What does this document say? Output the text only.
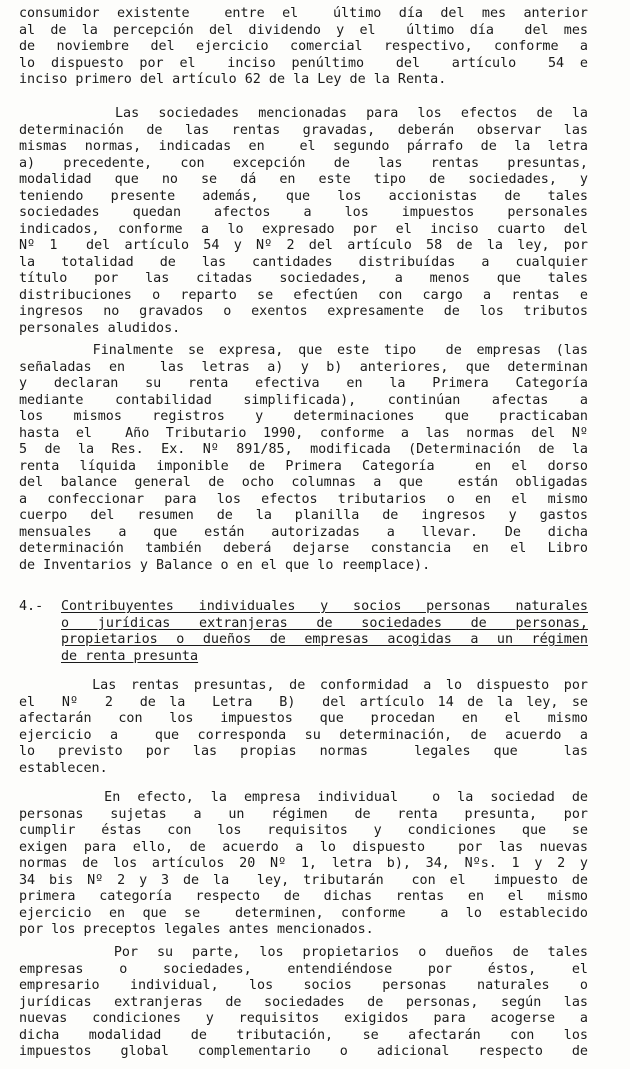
consumidor existente  entre el  último día del mes anterior
al de la percepción del dividendo y el  último día  del mes
de noviembre del ejercicio comercial respectivo, conforme a
lo dispuesto por el  inciso penúltimo  del  artículo  54 e
inciso primero del artículo 62 de la Ley de la Renta.
Las sociedades mencionadas para los efectos de la
determinación de las rentas gravadas, deberán observar las
mismas normas, indicadas en  el segundo párrafo de la letra
a) precedente, con excepción de las rentas presuntas,
modalidad que no se dá en este tipo de sociedades, y
teniendo presente además, que los accionistas de tales
sociedades quedan afectos a los impuestos personales
indicados, conforme a lo expresado por el inciso cuarto del
Nº 1  del artículo 54 y Nº 2 del artículo 58 de la ley, por
la totalidad de las cantidades distribuídas a cualquier
título por las citadas sociedades, a menos que tales
distribuciones o reparto se efectúen con cargo a rentas e
ingresos no gravados o exentos expresamente de los tributos
personales aludidos.
Finalmente se expresa, que este tipo  de empresas (las
señaladas en  las letras a) y b) anteriores, que determinan
y declaran su renta efectiva en la Primera Categoría
mediante contabilidad simplificada), continúan afectas a
los mismos registros y determinaciones que practicaban
hasta el  Año Tributario 1990, conforme a las normas del Nº
5 de la Res. Ex. Nº 891/85, modificada (Determinación de la
renta líquida imponible de Primera Categoría  en el dorso
del balance general de ocho columnas a que  están obligadas
a confeccionar para los efectos tributarios o en el mismo
cuerpo del resumen de la planilla de ingresos y gastos
mensuales a que están autorizadas a llevar. De dicha
determinación también deberá dejarse constancia en el Libro
de Inventarios y Balance o en el que lo reemplace).
4.- Contribuyentes individuales y socios personas naturales
o jurídicas extranjeras de sociedades de personas,
propietarios o dueños de empresas acogidas a un régimen
de renta presunta
Las rentas presuntas, de conformidad a lo dispuesto por
el  Nº  2  de la  Letra  B)  del artículo 14 de la ley, se
afectarán con los impuestos que procedan en el mismo
ejercicio a  que corresponda su determinación, de acuerdo a
lo previsto por las propias normas  legales que  las
establecen.
En efecto, la empresa individual  o la sociedad de
personas sujetas a un régimen de renta presunta, por
cumplir éstas con los requisitos y condiciones que se
exigen para ello, de acuerdo a lo dispuesto  por las nuevas
normas de los artículos 20 Nº 1, letra b), 34, Nºs. 1 y 2 y
34 bis Nº 2 y 3 de la  ley, tributarán  con el  impuesto de
primera categoría respecto de dichas rentas en el mismo
ejercicio en que se  determinen, conforme  a lo establecido
por los preceptos legales antes mencionados.
Por su parte, los propietarios o dueños de tales
empresas o sociedades, entendiéndose por éstos, el
empresario individual, los socios personas naturales o
jurídicas extranjeras de sociedades de personas, según las
nuevas condiciones y requisitos exigidos para acogerse a
dicha modalidad de tributación, se afectarán con los
impuestos global complementario o adicional respecto de
